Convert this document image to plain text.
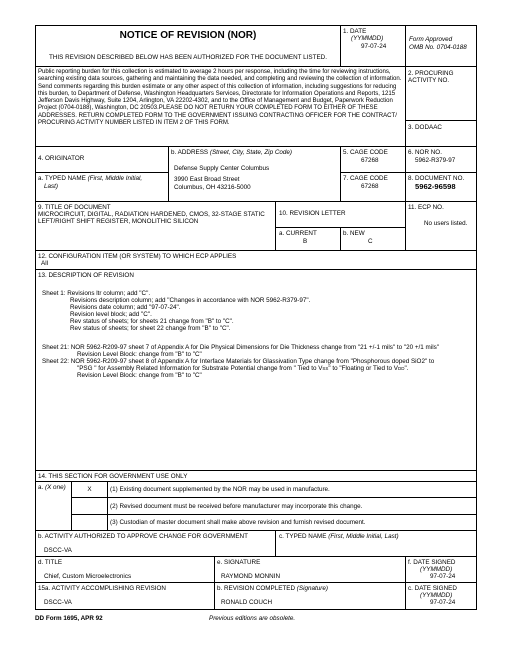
NOTICE OF REVISION (NOR)
THIS REVISION DESCRIBED BELOW HAS BEEN AUTHORIZED FOR THE DOCUMENT LISTED.
1. DATE
(YYMMDD)
97-07-24
Form Approved
OMB No. 0704-0188
Public reporting burden for this collection is estimated to average 2 hours per response, including the time for reviewing instructions, searching existing data sources, gathering and maintaining the data needed, and completing and reviewing the collection of information. Send comments regarding this burden estimate or any other aspect of this collection of information, including suggestions for reducing this burden, to Department of Defense, Washington Headquarters Services, Directorate for Information Operations and Reports, 1215 Jefferson Davis Highway, Suite 1204, Arlington, VA 22202-4302, and to the Office of Management and Budget, Paperwork Reduction Project (0704-0188), Washington, DC 20503.PLEASE DO NOT RETURN YOUR COMPLETED FORM TO EITHER OF THESE ADDRESSES. RETURN COMPLETED FORM TO THE GOVERNMENT ISSUING CONTRACTING OFFICER FOR THE CONTRACT/ PROCURING ACTIVITY NUMBER LISTED IN ITEM 2 OF THIS FORM.
2. PROCURING ACTIVITY NO.
3. DODAAC
4. ORIGINATOR
a. TYPED NAME (First, Middle Initial,
Last)
b. ADDRESS (Street, City, State, Zip Code)
Defense Supply Center Columbus
3990 East Broad Street
Columbus, OH 43216-5000
5. CAGE CODE
67268
7. CAGE CODE
67268
6. NOR NO.
5962-R379-97
8. DOCUMENT NO.
5962-96598
9. TITLE OF DOCUMENT
MICROCIRCUIT, DIGITAL, RADIATION HARDENED, CMOS, 32-STAGE STATIC
LEFT/RIGHT SHIFT REGISTER, MONOLITHIC SILICON
10. REVISION LETTER
a. CURRENT
B
b. NEW
C
11. ECP NO.
No users listed.
12. CONFIGURATION ITEM (OR SYSTEM) TO WHICH ECP APPLIES
All
13. DESCRIPTION OF REVISION
Sheet 1: Revisions ltr column; add "C".
Revisions description column; add "Changes in accordance with NOR 5962-R379-97".
Revisions date column; add "97-07-24".
Revision level block; add "C".
Rev status of sheets; for sheets 21 change from "B" to "C".
Rev status of sheets; for sheet 22 change from "B" to "C".
Sheet 21: NOR 5962-R209-97 sheet 7 of Appendix A for Die Physical Dimensions for Die Thickness change from "21 +/-1 mils" to "20 +/1 mils"
Revision Level Block: change from "B" to "C"
Sheet 22: NOR 5962-R209-97 sheet 8 of Appendix A for Interface Materials for Glassivation Type change from "Phosphorous doped SiO2" to
"PSG " for Assembly Related Information for Substrate Potential change from " Tied to VSS" to "Floating or Tied to VDD".
Revision Level Block: change from "B" to "C"
14. THIS SECTION FOR GOVERNMENT USE ONLY
a. (X one)	X	(1) Existing document supplemented by the NOR may be used in manufacture.
(2) Revised document must be received before manufacturer may incorporate this change.
(3) Custodian of master document shall make above revision and furnish revised document.
b. ACTIVITY AUTHORIZED TO APPROVE CHANGE FOR GOVERNMENT
DSCC-VA
c. TYPED NAME (First, Middle Initial, Last)
d. TITLE
Chief, Custom Microelectronics
e. SIGNATURE
RAYMOND MONNIN
f. DATE SIGNED
(YYMMDD)
97-07-24
15a. ACTIVITY ACCOMPLISHING REVISION
DSCC-VA
b. REVISION COMPLETED (Signature)
RONALD COUCH
c. DATE SIGNED
(YYMMDD)
97-07-24
DD Form 1695, APR 92	Previous editions are obsolete.
